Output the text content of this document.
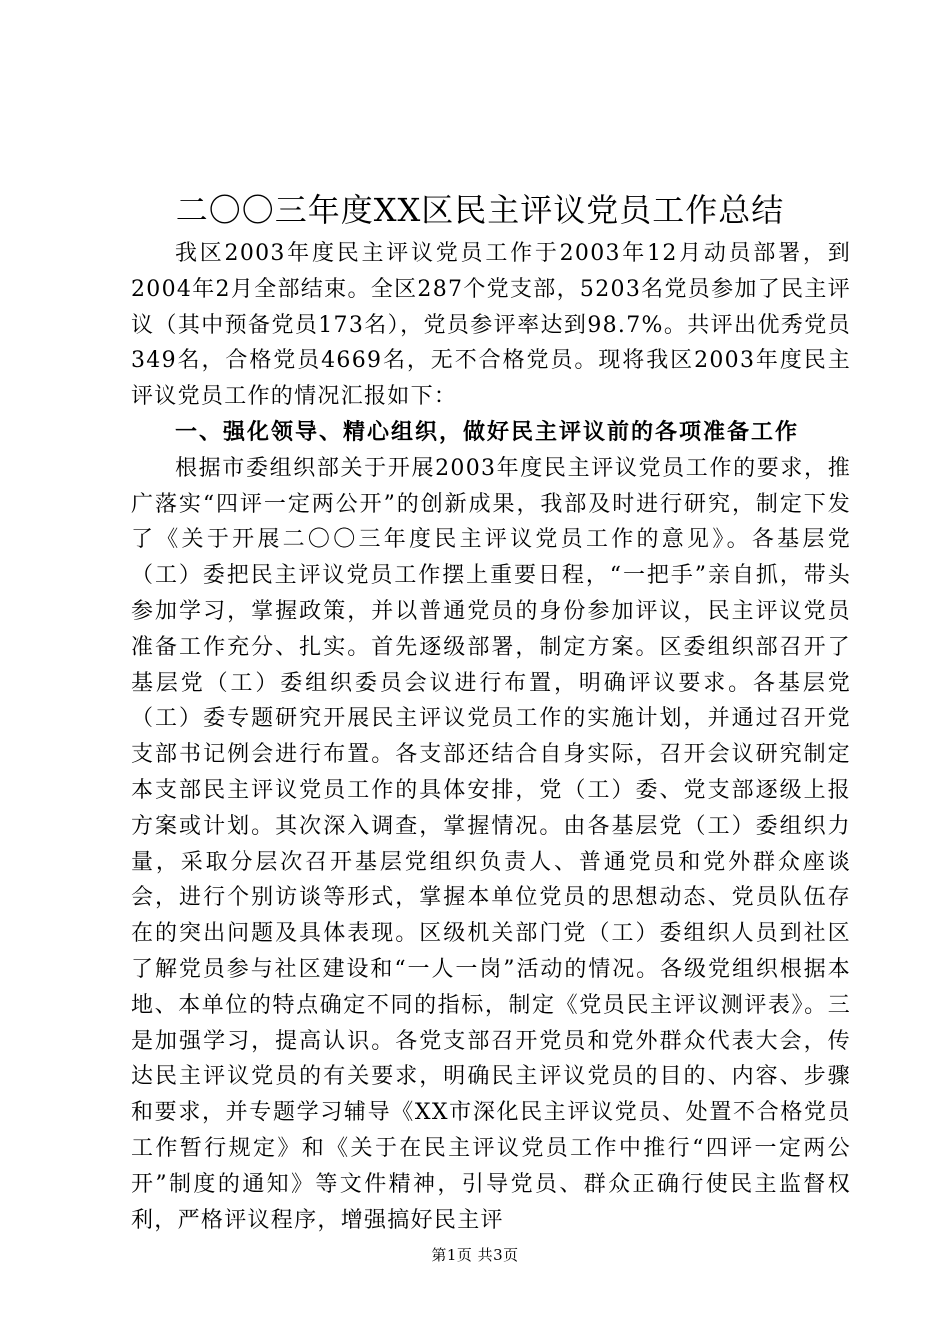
二〇〇三年度XX区民主评议党员工作总结

我区2003年度民主评议党员工作于2003年12月动员部署，到2004年2月全部结束。全区287个党支部，5203名党员参加了民主评议（其中预备党员173名），党员参评率达到98.7%。共评出优秀党员349名，合格党员4669名，无不合格党员。现将我区2003年度民主评议党员工作的情况汇报如下：

一、强化领导、精心组织，做好民主评议前的各项准备工作

根据市委组织部关于开展2003年度民主评议党员工作的要求，推广落实“四评一定两公开”的创新成果，我部及时进行研究，制定下发了《关于开展二〇〇三年度民主评议党员工作的意见》。各基层党（工）委把民主评议党员工作摆上重要日程，“一把手”亲自抓，带头参加学习，掌握政策，并以普通党员的身份参加评议，民主评议党员准备工作充分、扎实。首先逐级部署，制定方案。区委组织部召开了基层党（工）委组织委员会议进行布置，明确评议要求。各基层党（工）委专题研究开展民主评议党员工作的实施计划，并通过召开党支部书记例会进行布置。各支部还结合自身实际，召开会议研究制定本支部民主评议党员工作的具体安排，党（工）委、党支部逐级上报方案或计划。其次深入调查，掌握情况。由各基层党（工）委组织力量，采取分层次召开基层党组织负责人、普通党员和党外群众座谈会，进行个别访谈等形式，掌握本单位党员的思想动态、党员队伍存在的突出问题及具体表现。区级机关部门党（工）委组织人员到社区了解党员参与社区建设和“一人一岗”活动的情况。各级党组织根据本地、本单位的特点确定不同的指标，制定《党员民主评议测评表》。三是加强学习，提高认识。各党支部召开党员和党外群众代表大会，传达民主评议党员的有关要求，明确民主评议党员的目的、内容、步骤和要求，并专题学习辅导《XX市深化民主评议党员、处置不合格党员工作暂行规定》和《关于在民主评议党员工作中推行“四评一定两公开”制度的通知》等文件精神，引导党员、群众正确行使民主监督权利，严格评议程序，增强搞好民主评

第1页 共3页
